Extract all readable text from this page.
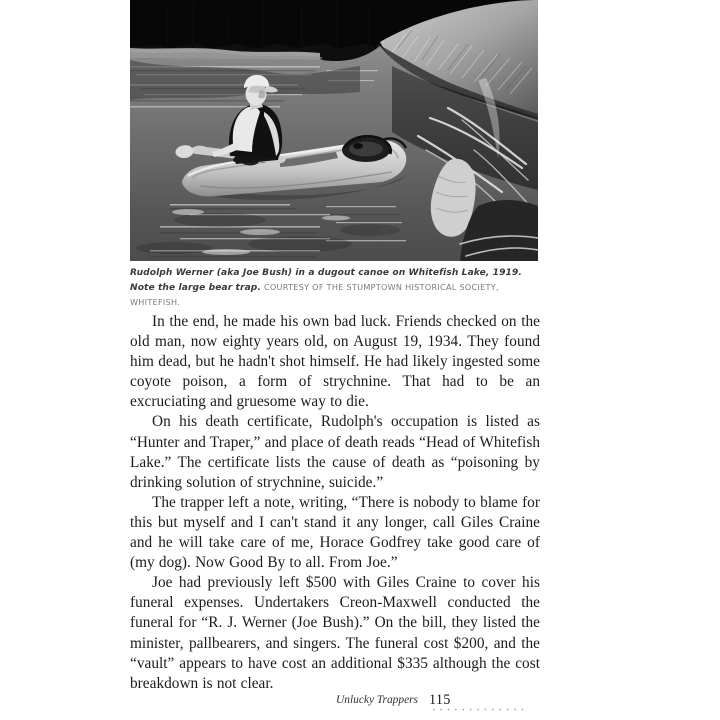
Rudolph Werner (aka Joe Bush) in a dugout canoe on Whitefish Lake, 1919. Note the large bear trap. COURTESY OF THE STUMPTOWN HISTORICAL SOCIETY, WHITEFISH.

In the end, he made his own bad luck. Friends checked on the old man, now eighty years old, on August 19, 1934. They found him dead, but he hadn't shot himself. He had likely ingested some coyote poison, a form of strychnine. That had to be an excruciating and gruesome way to die.

On his death certificate, Rudolph's occupation is listed as “Hunter and Traper,” and place of death reads “Head of Whitefish Lake.” The certificate lists the cause of death as “poisoning by drinking solution of strychnine, suicide.”

The trapper left a note, writing, “There is nobody to blame for this but myself and I can't stand it any longer, call Giles Craine and he will take care of me, Horace Godfrey take good care of (my dog). Now Good By to all. From Joe.”

Joe had previously left $500 with Giles Craine to cover his funeral expenses. Undertakers Creon-Maxwell conducted the funeral for “R. J. Werner (Joe Bush).” On the bill, they listed the minister, pallbearers, and singers. The funeral cost $200, and the “vault” appears to have cost an additional $335 although the cost breakdown is not clear.

Unlucky Trappers 115
